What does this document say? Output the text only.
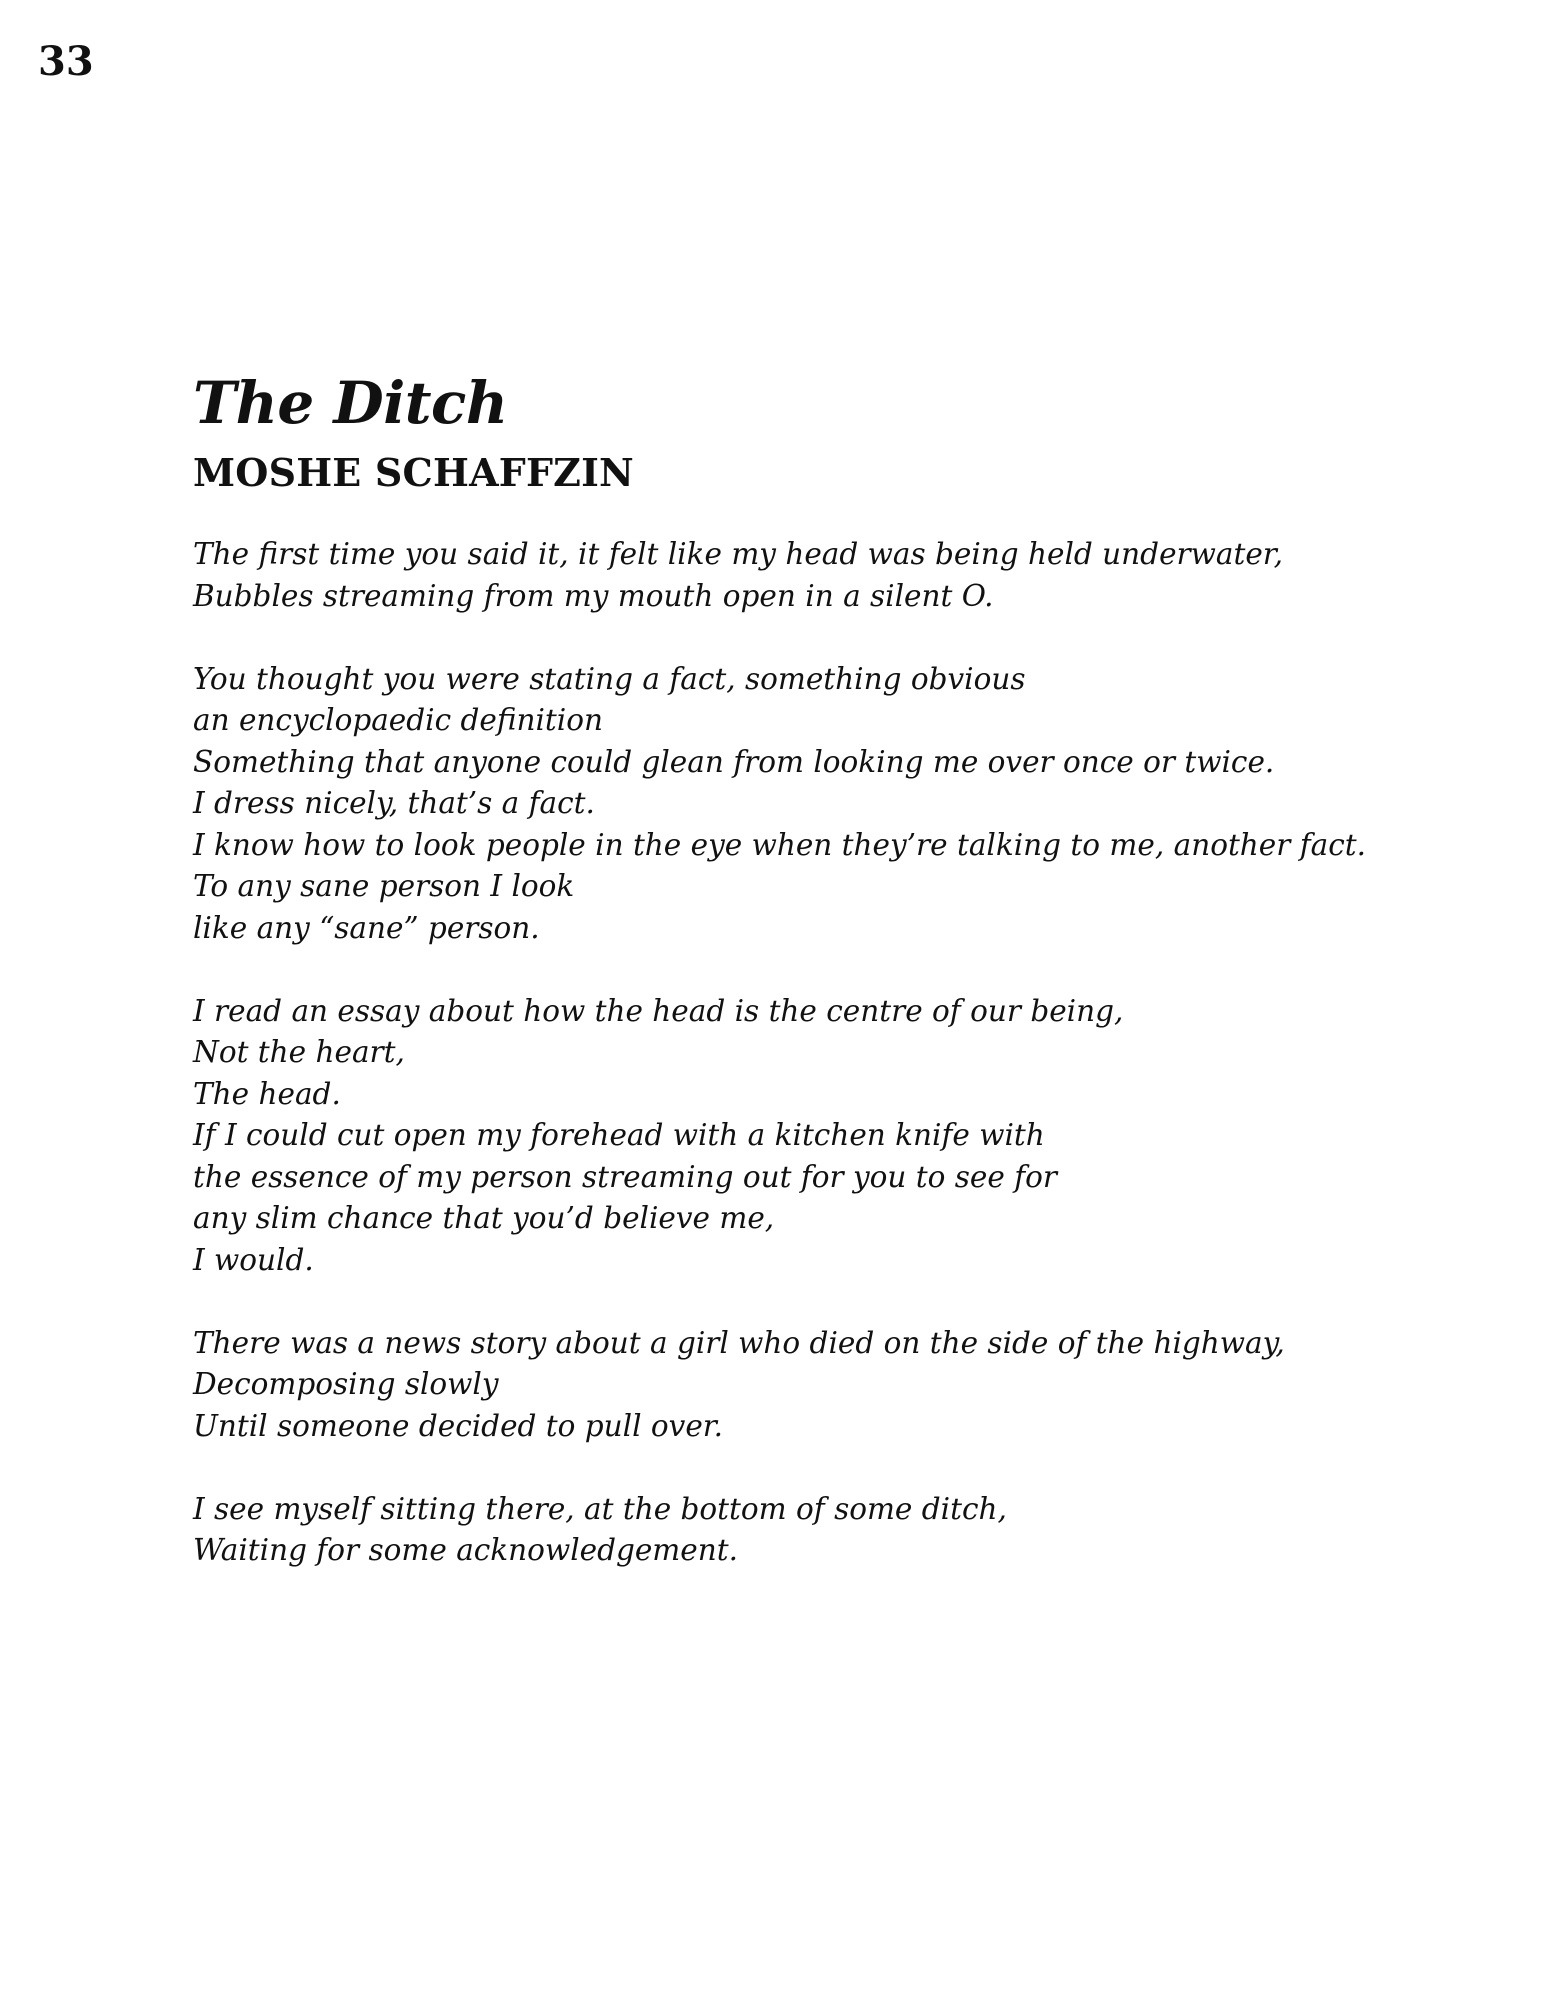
33
The Ditch
MOSHE SCHAFFZIN
The first time you said it, it felt like my head was being held underwater,
Bubbles streaming from my mouth open in a silent O.
You thought you were stating a fact, something obvious
an encyclopaedic definition
Something that anyone could glean from looking me over once or twice.
I dress nicely, that’s a fact.
I know how to look people in the eye when they’re talking to me, another fact.
To any sane person I look
like any “sane” person.
I read an essay about how the head is the centre of our being,
Not the heart,
The head.
If I could cut open my forehead with a kitchen knife with
the essence of my person streaming out for you to see for
any slim chance that you’d believe me,
I would.
There was a news story about a girl who died on the side of the highway,
Decomposing slowly
Until someone decided to pull over.
I see myself sitting there, at the bottom of some ditch,
Waiting for some acknowledgement.
